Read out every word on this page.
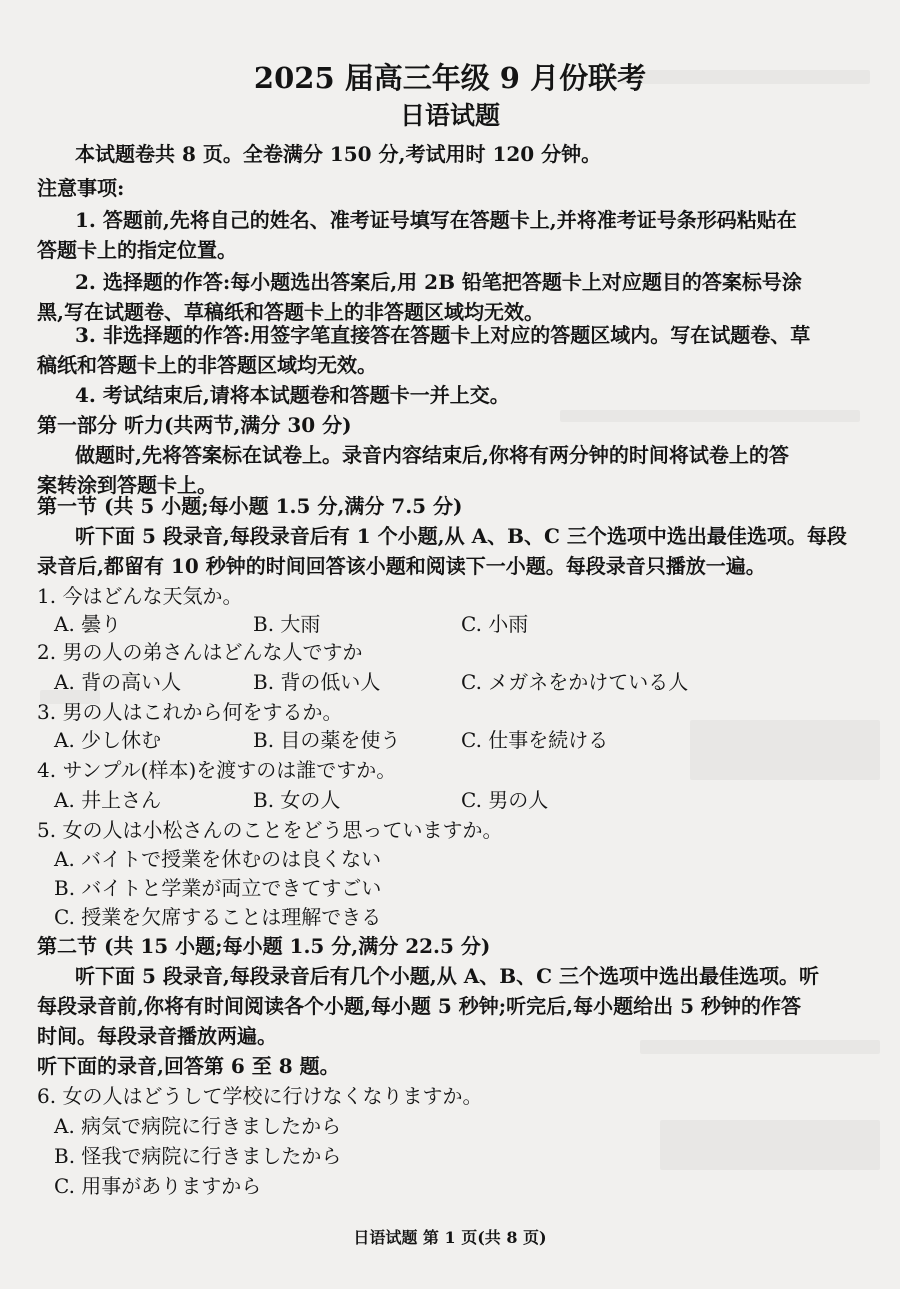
2025 届高三年级 9 月份联考
日语试题
本试题卷共 8 页。全卷满分 150 分,考试用时 120 分钟。
注意事项:
1. 答题前,先将自己的姓名、准考证号填写在答题卡上,并将准考证号条形码粘贴在
答题卡上的指定位置。
2. 选择题的作答:每小题选出答案后,用 2B 铅笔把答题卡上对应题目的答案标号涂
黑,写在试题卷、草稿纸和答题卡上的非答题区域均无效。
3. 非选择题的作答:用签字笔直接答在答题卡上对应的答题区域内。写在试题卷、草
稿纸和答题卡上的非答题区域均无效。
4. 考试结束后,请将本试题卷和答题卡一并上交。
第一部分 听力(共两节,满分 30 分)
做题时,先将答案标在试卷上。录音内容结束后,你将有两分钟的时间将试卷上的答
案转涂到答题卡上。
第一节 (共 5 小题;每小题 1.5 分,满分 7.5 分)
听下面 5 段录音,每段录音后有 1 个小题,从 A、B、C 三个选项中选出最佳选项。每段
录音后,都留有 10 秒钟的时间回答该小题和阅读下一小题。每段录音只播放一遍。
1. 今はどんな天気か。
A. 曇り	B. 大雨	C. 小雨
2. 男の人の弟さんはどんな人ですか
A. 背の高い人	B. 背の低い人	C. メガネをかけている人
3. 男の人はこれから何をするか。
A. 少し休む	B. 目の薬を使う	C. 仕事を続ける
4. サンプル(样本)を渡すのは誰ですか。
A. 井上さん	B. 女の人	C. 男の人
5. 女の人は小松さんのことをどう思っていますか。
A. バイトで授業を休むのは良くない
B. バイトと学業が両立できてすごい
C. 授業を欠席することは理解できる
第二节 (共 15 小题;每小题 1.5 分,满分 22.5 分)
听下面 5 段录音,每段录音后有几个小题,从 A、B、C 三个选项中选出最佳选项。听
每段录音前,你将有时间阅读各个小题,每小题 5 秒钟;听完后,每小题给出 5 秒钟的作答
时间。每段录音播放两遍。
听下面的录音,回答第 6 至 8 题。
6. 女の人はどうして学校に行けなくなりますか。
A. 病気で病院に行きましたから
B. 怪我で病院に行きましたから
C. 用事がありますから
日语试题 第 1 页(共 8 页)
